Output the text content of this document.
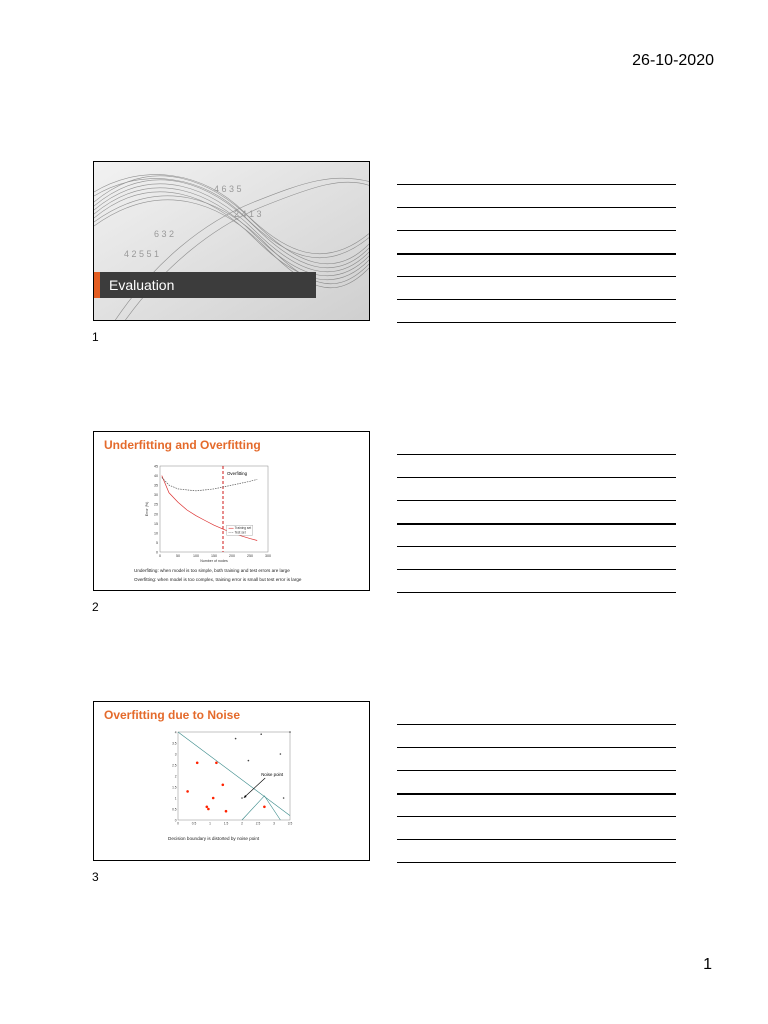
26-10-2020
1
4 6 3 5
2 4 1 3
6 3 2
4 2 5 5 1
Evaluation
1
Underfitting and Overfitting
0
5
10
15
20
25
30
35
40
45
0	50	100	150	200	250	300
Number of nodes
Error (%)
Overfitting
Training set
Test set
Underfitting: when model is too simple, both training and test errors are large
Overfitting: when model is too complex, training error is small but test error is large
2
Overfitting due to Noise
0
0.5
1
1.5
2
2.5
3
3.5
4
0	0.5	1	1.5	2	2.5	3	3.5
Noise point
Decision boundary is distorted by noise point
3
